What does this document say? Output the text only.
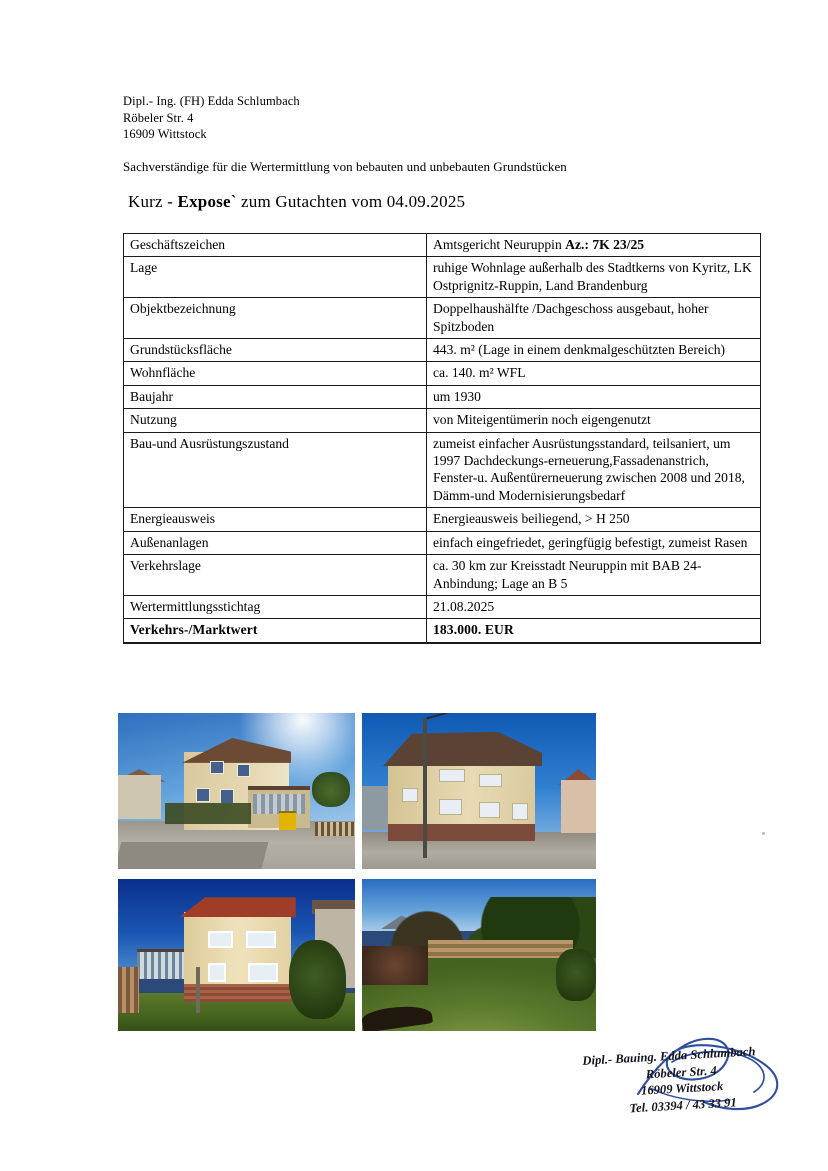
Dipl.- Ing. (FH) Edda Schlumbach
Röbeler Str. 4
16909 Wittstock
Sachverständige für die Wertermittlung von bebauten und unbebauten Grundstücken
Kurz - Expose` zum Gutachten vom 04.09.2025
Geschäftszeichen	Amtsgericht Neuruppin Az.: 7K 23/25
Lage	ruhige Wohnlage außerhalb des Stadtkerns von Kyritz, LK Ostprignitz-Ruppin, Land Brandenburg
Objektbezeichnung	Doppelhaushälfte /Dachgeschoss ausgebaut, hoher Spitzboden
Grundstücksfläche	443. m² (Lage in einem denkmalgeschützten Bereich)
Wohnfläche	ca. 140. m² WFL
Baujahr	um 1930
Nutzung	von Miteigentümerin noch eigengenutzt
Bau-und Ausrüstungszustand	zumeist einfacher Ausrüstungsstandard, teilsaniert, um 1997 Dachdeckungs-erneuerung,Fassadenanstrich, Fenster-u. Außentürerneuerung zwischen 2008 und 2018, Dämm-und Modernisierungsbedarf
Energieausweis	Energieausweis beiliegend, > H 250
Außenanlagen	einfach eingefriedet, geringfügig befestigt, zumeist Rasen
Verkehrslage	ca. 30 km zur Kreisstadt Neuruppin mit BAB 24-Anbindung; Lage an B 5
Wertermittlungsstichtag	21.08.2025
Verkehrs-/Marktwert	183.000. EUR
Dipl.- Bauing. Edda Schlumbach
Röbeler Str. 4
16909 Wittstock
Tel. 03394 / 43 33 91
